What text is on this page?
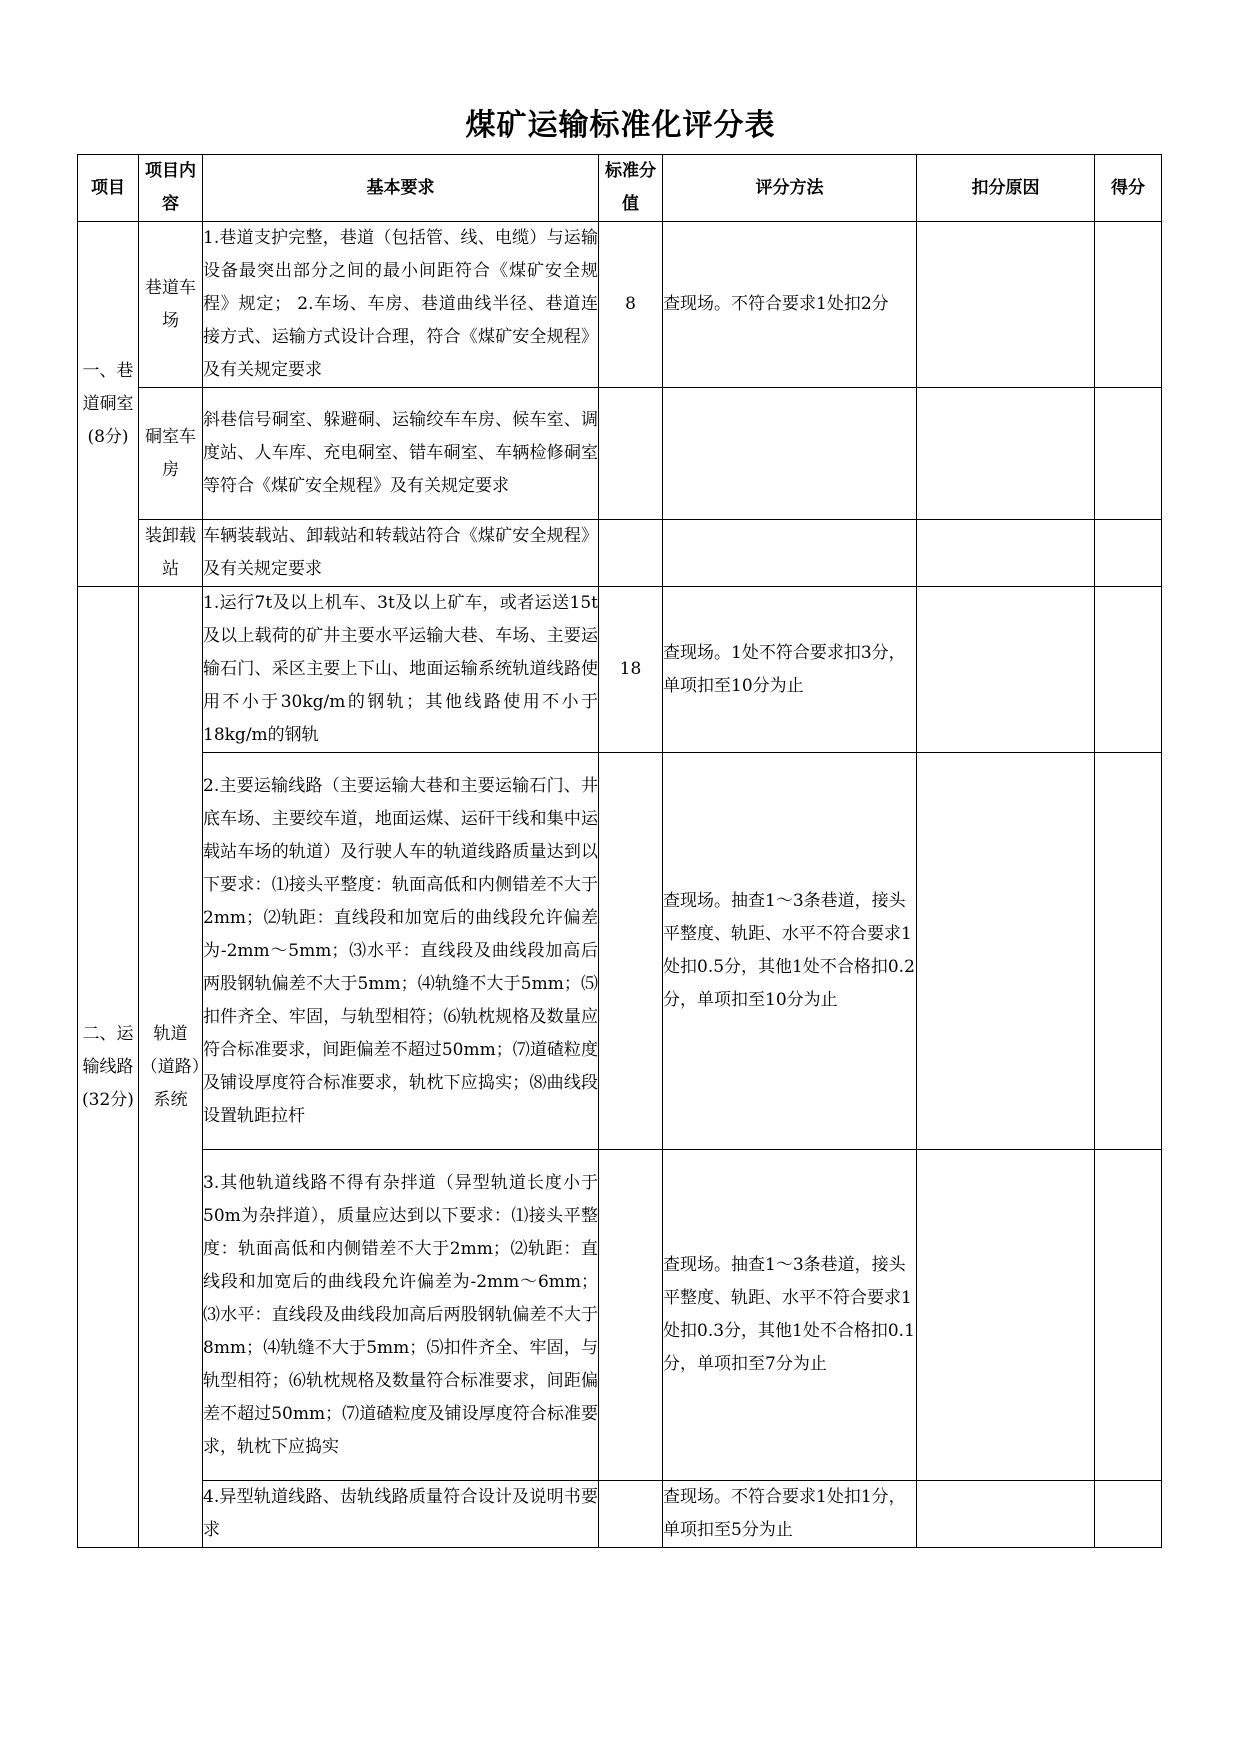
煤矿运输标准化评分表
项目	项目内容	基本要求	标准分值	评分方法	扣分原因	得分
一、巷道硐室(8分)	巷道车场	1.巷道支护完整，巷道（包括管、线、电缆）与运输设备最突出部分之间的最小间距符合《煤矿安全规程》规定； 2.车场、车房、巷道曲线半径、巷道连接方式、运输方式设计合理，符合《煤矿安全规程》及有关规定要求	8	查现场。不符合要求1处扣2分		
	硐室车房	斜巷信号硐室、躲避硐、运输绞车车房、候车室、调度站、人车库、充电硐室、错车硐室、车辆检修硐室等符合《煤矿安全规程》及有关规定要求				
	装卸载站	车辆装载站、卸载站和转载站符合《煤矿安全规程》及有关规定要求				
二、运输线路(32分)	轨道（道路）系统	1.运行7t及以上机车、3t及以上矿车，或者运送15t及以上载荷的矿井主要水平运输大巷、车场、主要运输石门、采区主要上下山、地面运输系统轨道线路使用不小于30kg/m的钢轨；其他线路使用不小于18kg/m的钢轨	18	查现场。1处不符合要求扣3分，单项扣至10分为止		
		2.主要运输线路（主要运输大巷和主要运输石门、井底车场、主要绞车道，地面运煤、运矸干线和集中运载站车场的轨道）及行驶人车的轨道线路质量达到以下要求：⑴接头平整度：轨面高低和内侧错差不大于2mm；⑵轨距：直线段和加宽后的曲线段允许偏差为-2mm～5mm；⑶水平：直线段及曲线段加高后两股钢轨偏差不大于5mm；⑷轨缝不大于5mm；⑸扣件齐全、牢固，与轨型相符；⑹轨枕规格及数量应符合标准要求，间距偏差不超过50mm；⑺道碴粒度及铺设厚度符合标准要求，轨枕下应捣实；⑻曲线段设置轨距拉杆		查现场。抽查1～3条巷道，接头平整度、轨距、水平不符合要求1处扣0.5分，其他1处不合格扣0.2分，单项扣至10分为止		
		3.其他轨道线路不得有杂拌道（异型轨道长度小于50m为杂拌道），质量应达到以下要求：⑴接头平整度：轨面高低和内侧错差不大于2mm；⑵轨距：直线段和加宽后的曲线段允许偏差为-2mm～6mm；⑶水平：直线段及曲线段加高后两股钢轨偏差不大于8mm；⑷轨缝不大于5mm；⑸扣件齐全、牢固，与轨型相符；⑹轨枕规格及数量符合标准要求，间距偏差不超过50mm；⑺道碴粒度及铺设厚度符合标准要求，轨枕下应捣实		查现场。抽查1～3条巷道，接头平整度、轨距、水平不符合要求1处扣0.3分，其他1处不合格扣0.1分，单项扣至7分为止		
		4.异型轨道线路、齿轨线路质量符合设计及说明书要求		查现场。不符合要求1处扣1分，单项扣至5分为止		
